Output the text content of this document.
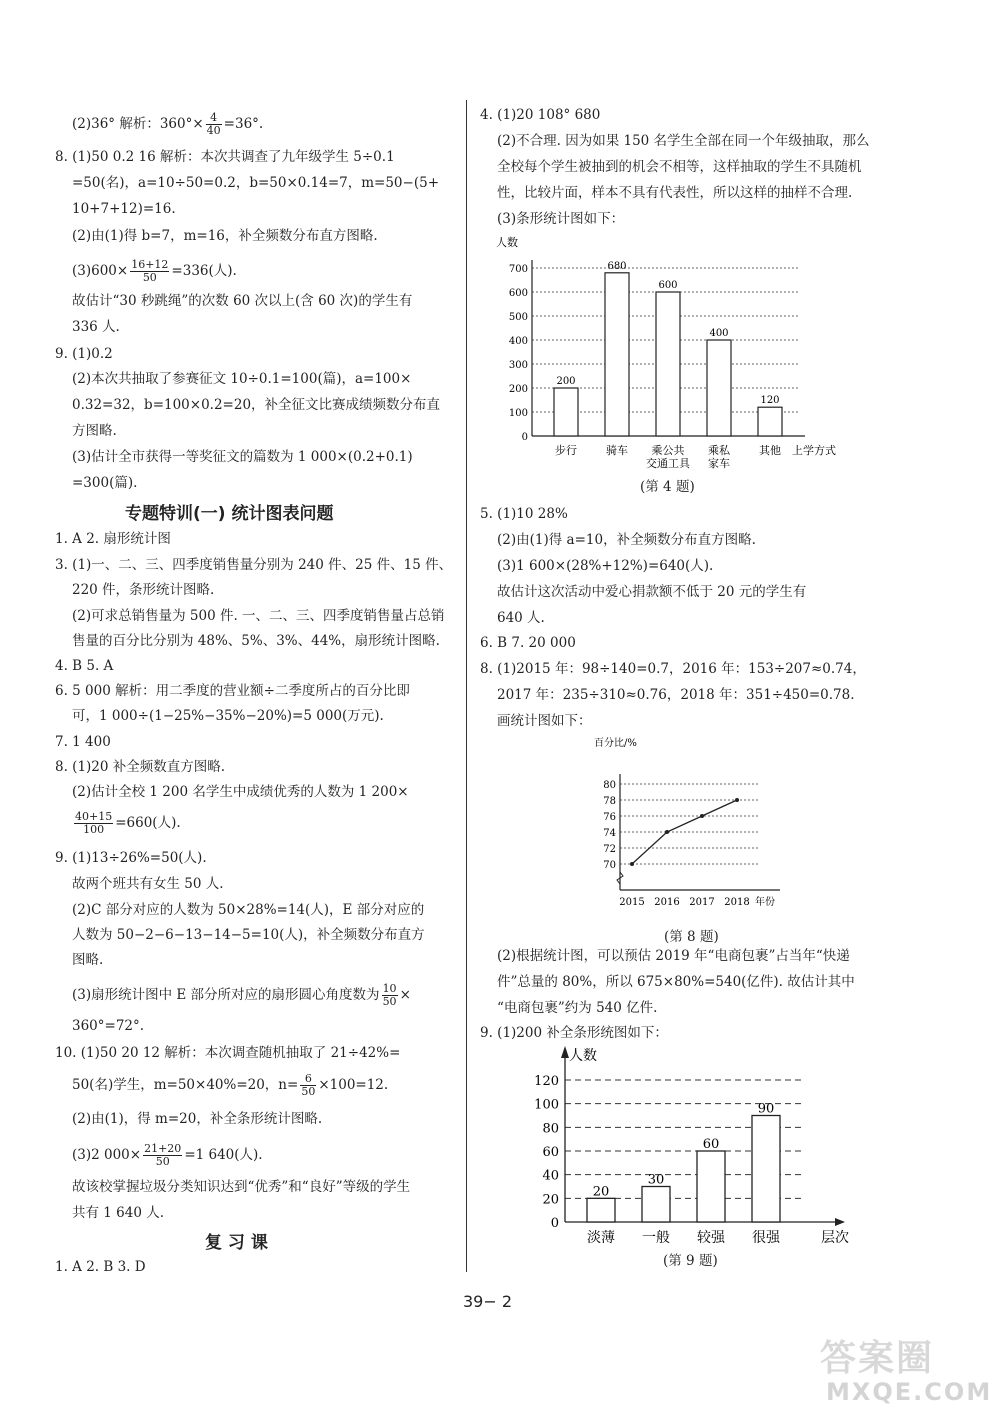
(2)36° 解析：$360^\circ\times \frac{4}{40} =36^\circ$.
8. (1)50 0.2 16 解析：本次共调查了九年级学生 5÷0.1
=50(名)，a=10÷50=0.2，b=50×0.14=7，m=50−(5+
10+7+12)=16.
(2)由(1)得 b=7，m=16，补全频数分布直方图略.
$(3)600\times \frac{16+12}{50} =336$(人).
故估计“30 秒跳绳”的次数 60 次以上(含 60 次)的学生有
336 人.
9. (1)0.2
(2)本次共抽取了参赛征文 10÷0.1=100(篇)，a=100×
0.32=32，b=100×0.2=20，补全征文比赛成绩频数分布直
方图略.
(3)估计全市获得一等奖征文的篇数为 1 000×(0.2+0.1)
=300(篇).
专题特训(一) 统计图表问题
1. A 2. 扇形统计图
3. (1)一、二、三、四季度销售量分别为 240 件、25 件、15 件、
220 件，条形统计图略.
(2)可求总销售量为 500 件. 一、二、三、四季度销售量占总销
售量的百分比分别为 48%、5%、3%、44%，扇形统计图略.
4. B 5. A
6. 5 000 解析：用二季度的营业额÷二季度所占的百分比即
可，1 000÷(1−25%−35%−20%)=5 000(万元).
7. 1 400
8. (1)20 补全频数直方图略.
(2)估计全校 1 200 名学生中成绩优秀的人数为 1 200×
$\frac{40+15}{100} =660$(人).
9. (1)13÷26%=50(人).
故两个班共有女生 50 人.
(2)C 部分对应的人数为 50×28%=14(人)，E 部分对应的
人数为 50−2−6−13−14−5=10(人)，补全频数分布直方
图略.
(3)扇形统计图中 E 部分所对应的扇形圆心角度数为 $\frac{10}{50}$ ×
360°=72°.
10. (1)50 20 12 解析：本次调查随机抽取了 21÷42%=
50(名)学生，m=50×40%=20，$n= \frac{6}{50} \times 100=12$.
(2)由(1)，得 m=20，补全条形统计图略.
(3)2 $000\times \frac{21+20}{50} =1$ 640(人).
故该校掌握垃圾分类知识达到“优秀”和“良好”等级的学生
共有 1 640 人.
复 习 课
1. A 2. B 3. D
4. (1)20 108° 680
(2)不合理. 因为如果 150 名学生全部在同一个年级抽取，那么
全校每个学生被抽到的机会不相等，这样抽取的学生不具随机
性，比较片面，样本不具有代表性，所以这样的抽样不合理.
(3)条形统计图如下：
人数
0
100
200
300
400
500
600
700
200
步行
680
骑车
600
乘公共
交通工具
400
乘私
家车
120
其他 上学方式
(第 4 题)
5. (1)10 28%
(2)由(1)得 a=10，补全频数分布直方图略.
(3)1 600×(28%+12%)=640(人).
故估计这次活动中爱心捐款额不低于 20 元的学生有
640 人.
6. B 7. 20 000
8. (1)2015 年：98÷140=0.7，2016 年：153÷207≈0.74，
2017 年：235÷310≈0.76，2018 年：351÷450=0.78.
画统计图如下：
百分比/%
70
72
74
76
78
80
2015 2016 2017 2018 年份
(第 8 题)
(2)根据统计图，可以预估 2019 年“电商包裹”占当年“快递
件”总量的 80%，所以 675×80%=540(亿件). 故估计其中
“电商包裹”约为 540 亿件.
9. (1)200 补全条形统图如下：
人数
0
20
40
60
80
100
120
20
淡薄
30
一般
60
较强
90
很强	层次
(第 9 题)
39− 2
答案圈
MXQE.COM
